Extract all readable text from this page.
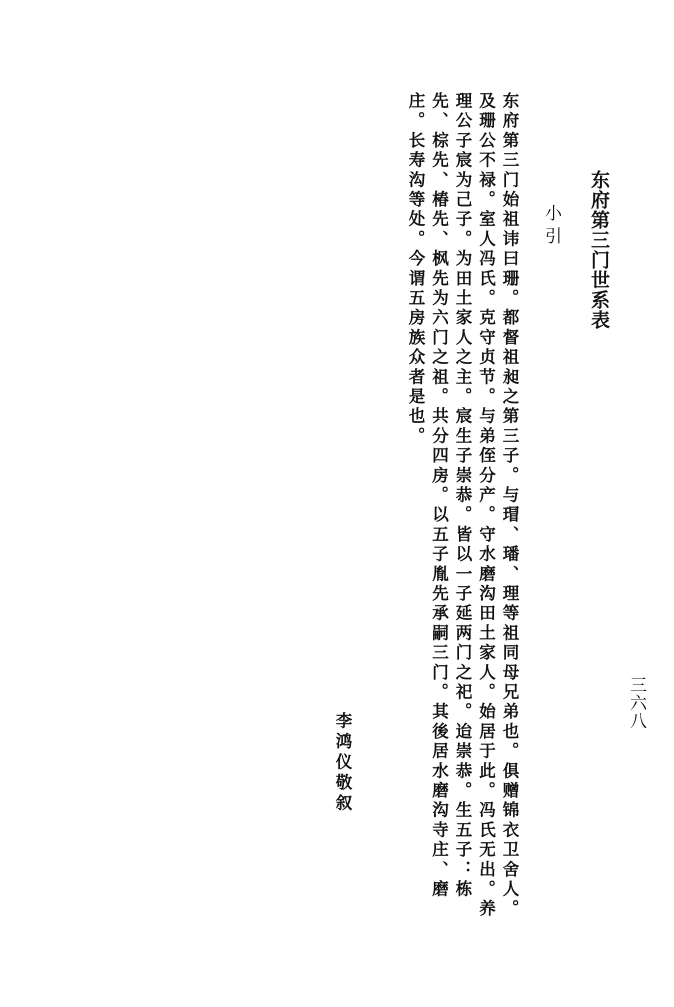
东府第三门世系表
小引
三六八
东府第三门始祖讳曰珊。都督祖昶之第三子。与瑁、璠、理等祖同母兄弟也。俱赠锦衣卫舍人。及珊公不禄。室人冯氏。克守贞节。与弟侄分产。守水磨沟田土家人。始居于此。冯氏无出。养理公子宸为己子。为田土家人之主。宸生子崇恭。皆以一子延两门之祀。迨崇恭。生五子：栋先、棕先、椿先、枫先为六门之祖。共分四房。以五子胤先承嗣三门。其後居水磨沟寺庄、磨庄。长寿沟等处。今谓五房族众者是也。
李鸿仪敬叙
